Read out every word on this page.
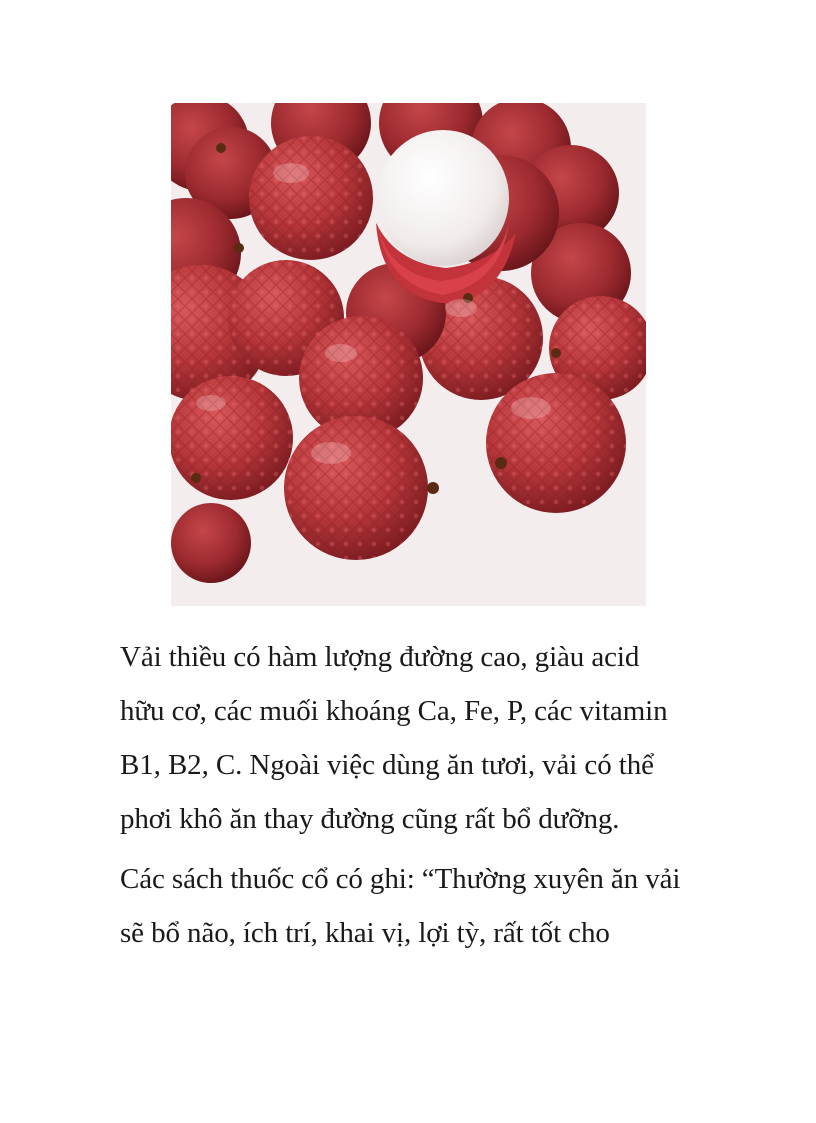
Vải thiều có hàm lượng đường cao, giàu acid
hữu cơ, các muối khoáng Ca, Fe, P, các vitamin
B1, B2, C. Ngoài việc dùng ăn tươi, vải có thể
phơi khô ăn thay đường cũng rất bổ dưỡng.

Các sách thuốc cổ có ghi: “Thường xuyên ăn vải
sẽ bổ não, ích trí, khai vị, lợi tỳ, rất tốt cho
